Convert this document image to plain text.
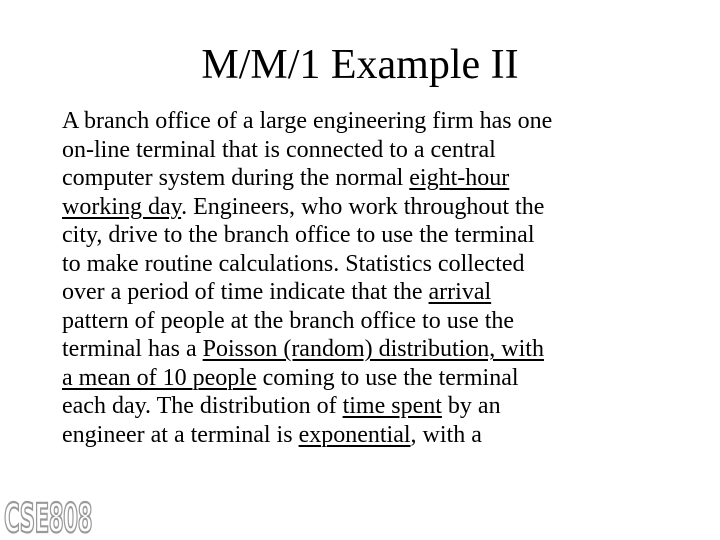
M/M/1 Example II
A branch office of a large engineering firm has one
on-line terminal that is connected to a central
computer system during the normal eight-hour
working day. Engineers, who work throughout the
city, drive to the branch office to use the terminal
to make routine calculations. Statistics collected
over a period of time indicate that the arrival
pattern of people at the branch office to use the
terminal has a Poisson (random) distribution, with
a mean of 10 people coming to use the terminal
each day. The distribution of time spent by an
engineer at a terminal is exponential, with a
CSE808
